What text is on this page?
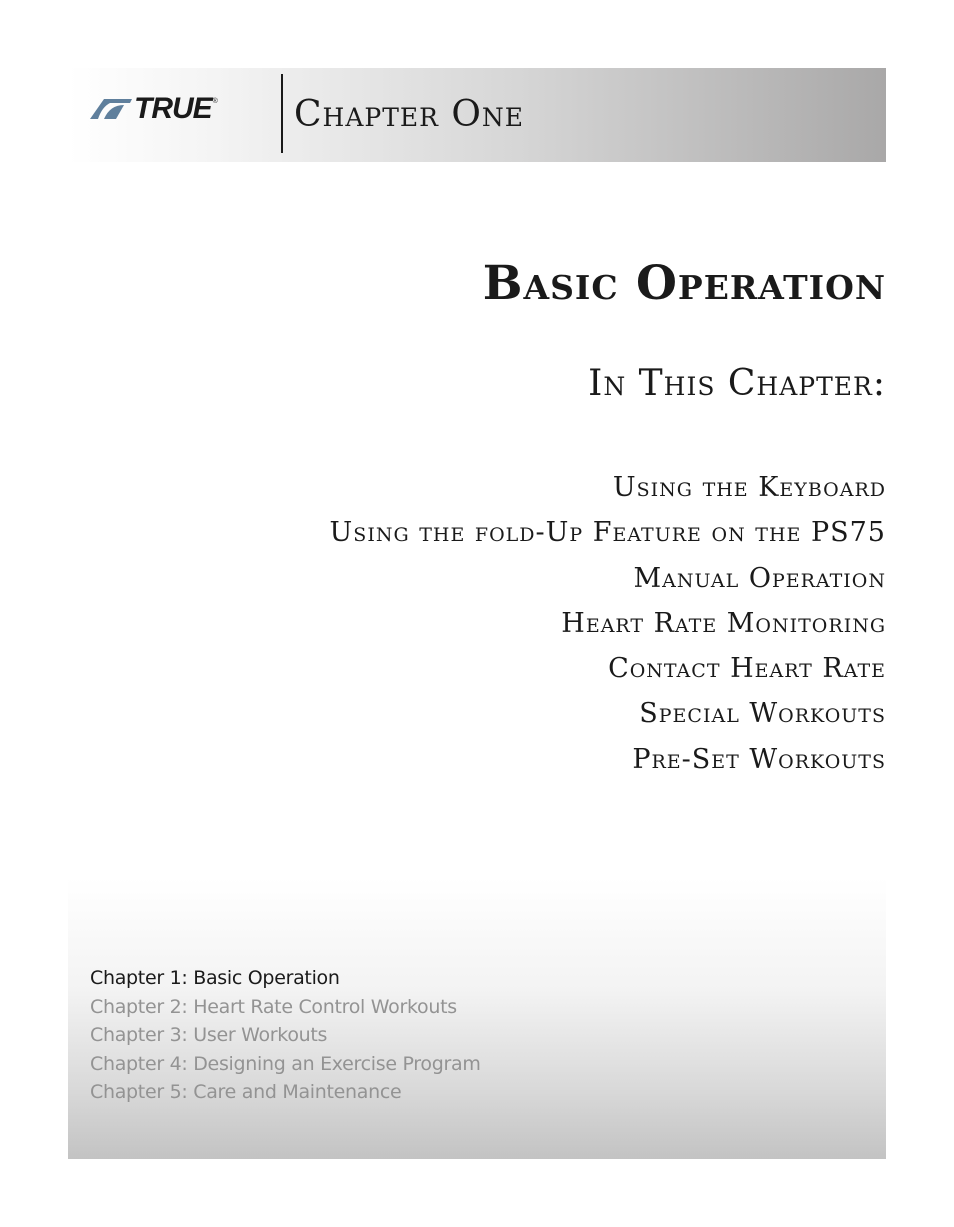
TRUE ® Chapter One
Basic Operation
In This Chapter:
Using the Keyboard
Using the fold-Up Feature on the PS75
Manual Operation
Heart Rate Monitoring
Contact Heart Rate
Special Workouts
Pre-Set Workouts
Chapter 1: Basic Operation
Chapter 2: Heart Rate Control Workouts
Chapter 3: User Workouts
Chapter 4: Designing an Exercise Program
Chapter 5: Care and Maintenance
